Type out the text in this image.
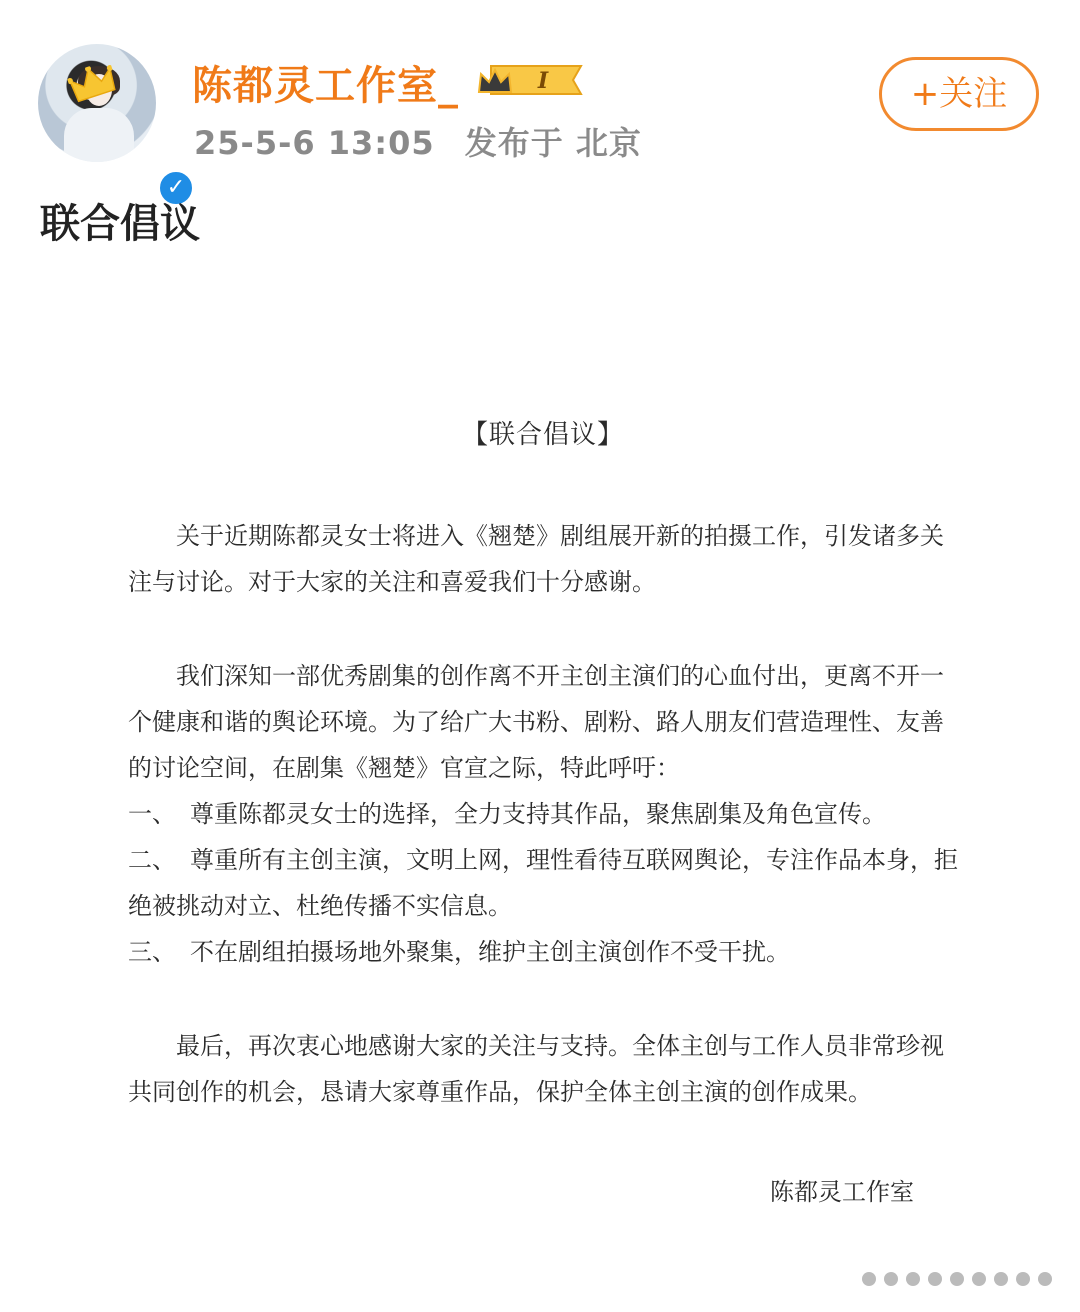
✓
陈都灵工作室_	I
25-5-6 13:05 发布于 北京
+关注
联合倡议
【联合倡议】

关于近期陈都灵女士将进入《翘楚》剧组展开新的拍摄工作，引发诸多关注与讨论。对于大家的关注和喜爱我们十分感谢。

我们深知一部优秀剧集的创作离不开主创主演们的心血付出，更离不开一个健康和谐的舆论环境。为了给广大书粉、剧粉、路人朋友们营造理性、友善的讨论空间，在剧集《翘楚》官宣之际，特此呼吁：

一、 尊重陈都灵女士的选择，全力支持其作品，聚焦剧集及角色宣传。

二、 尊重所有主创主演，文明上网，理性看待互联网舆论，专注作品本身，拒绝被挑动对立、杜绝传播不实信息。

三、 不在剧组拍摄场地外聚集，维护主创主演创作不受干扰。

最后，再次衷心地感谢大家的关注与支持。全体主创与工作人员非常珍视共同创作的机会，恳请大家尊重作品，保护全体主创主演的创作成果。

陈都灵工作室
